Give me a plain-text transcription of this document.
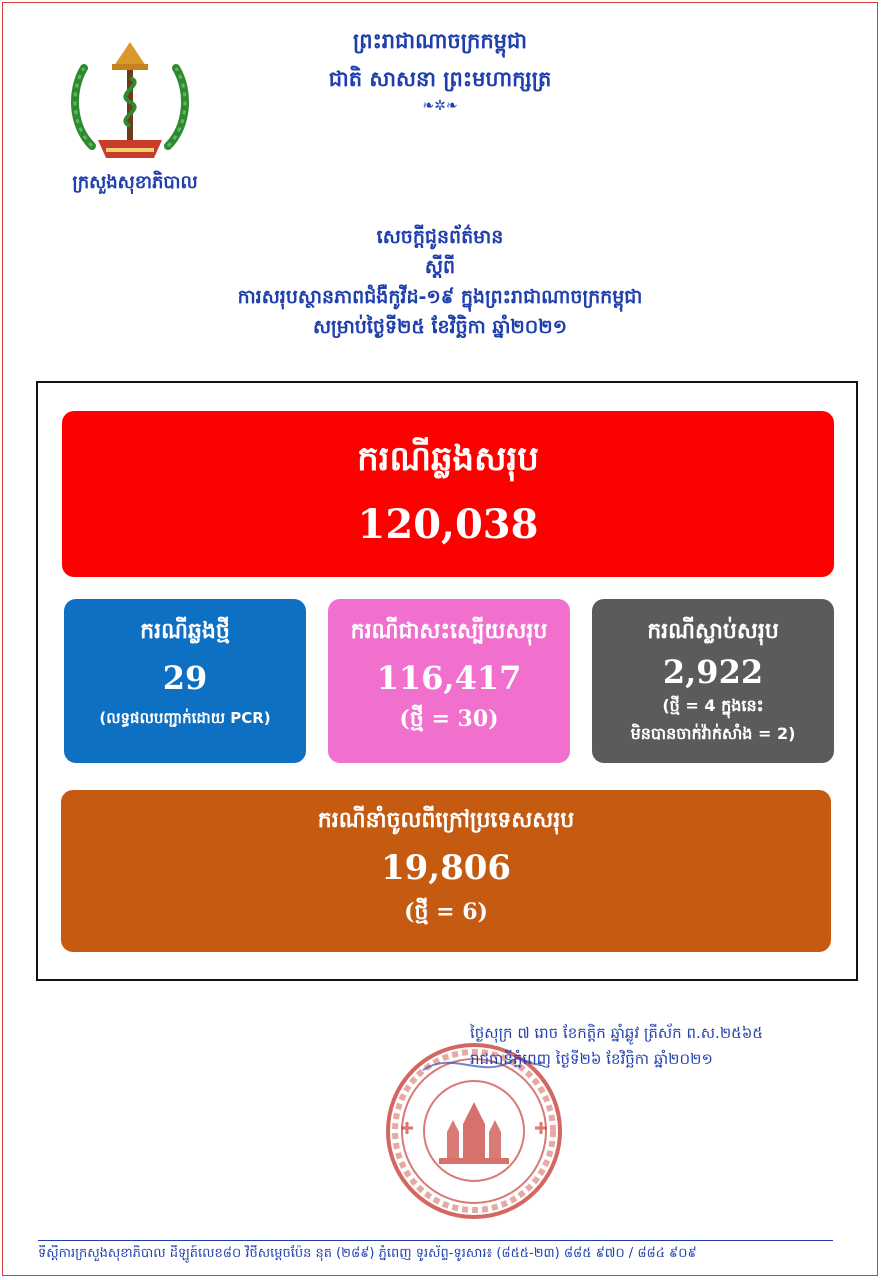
ក្រសួងសុខាភិបាល
ព្រះរាជាណាចក្រកម្ពុជា
ជាតិ សាសនា ព្រះមហាក្សត្រ
❧✲❧
សេចក្តីជូនព័ត៌មាន
ស្តីពី
ការសរុបស្ថានភាពជំងឺកូវីដ-១៩ ក្នុងព្រះរាជាណាចក្រកម្ពុជា
សម្រាប់ថ្ងៃទី២៥ ខែវិច្ឆិកា ឆ្នាំ២០២១
ករណីឆ្លងសរុប
120,038
ករណីឆ្លងថ្មី
29
(លទ្ធផលបញ្ជាក់ដោយ PCR)
ករណីជាសះស្បើយសរុប
116,417
(ថ្មី = 30)
ករណីស្លាប់សរុប
2,922
(ថ្មី = 4 ក្នុងនេះ
មិនបានចាក់វ៉ាក់សាំង = 2)
ករណីនាំចូលពីក្រៅប្រទេសសរុប
19,806
(ថ្មី = 6)
ថ្ងៃសុក្រ ៧ រោច ខែកត្តិក ឆ្នាំឆ្លូវ ត្រីស័ក ព.ស.២៥៦៥
រាជធានីភ្នំពេញ ថ្ងៃទី២៦ ខែវិច្ឆិកា ឆ្នាំ២០២១
ទីស្តីការក្រសួងសុខាភិបាល ដីឡូត៍លេខ៨០ វិថីសម្តេចប៉ែន នុត (២៨៩) ភ្នំពេញ ទូរស័ព្ទ-ទូរសារ៖ (៨៥៥-២៣) ៨៨៥ ៩៧០ / ៨៨៤ ៩០៩
